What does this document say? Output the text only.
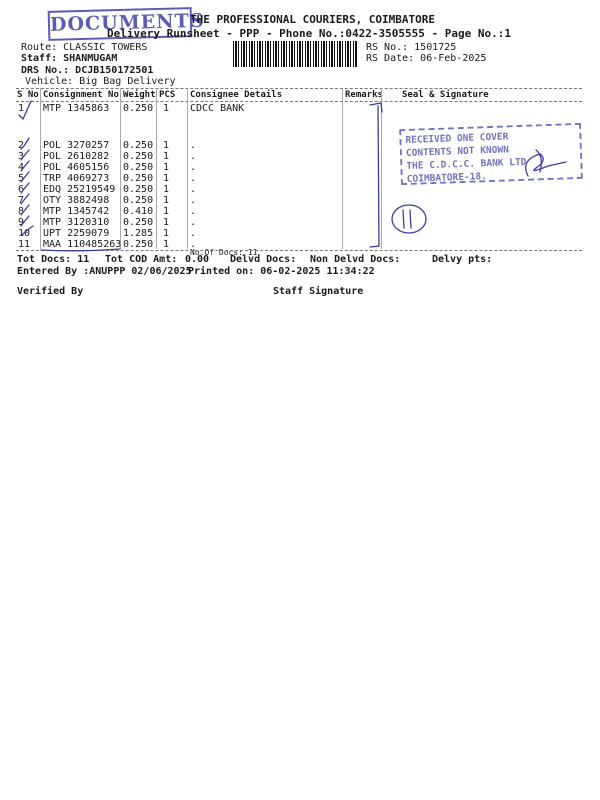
DOCUMENTS
THE PROFESSIONAL COURIERS, COIMBATORE
Delivery Runsheet - PPP - Phone No.:0422-3505555 - Page No.:1
Route: CLASSIC TOWERS
Staff: SHANMUGAM
DRS No.: DCJB150172501
Vehicle: Big Bag Delivery
RS No.: 1501725
RS Date: 06-Feb-2025
S No Consignment No Weight PCS Consignee Details	Remarks Seal & Signature
1 MTP 1345863 0.250 1 CDCC BANK
2 POL 3270257 0.250 1 .
3 POL 2610282 0.250 1 .
4 POL 4605156 0.250 1 .
5 TRP 4069273 0.250 1 .
6 EDQ 25219549 0.250 1 .
7 OTY 3882498 0.250 1 .
8 MTP 1345742 0.410 1 .
9 MTP 3120310 0.250 1 .
10 UPT 2259079 1.285 1 .
11 MAA 110485263 0.250 1 .

No.Of Docs: 11
RECEIVED ONE COVER
CONTENTS NOT KNOWN
THE C.D.C.C. BANK LTD
COIMBATORE-18.
Tot Docs: 11 Tot COD Amt: 0.00 Delvd Docs: Non Delvd Docs:	Delvy pts:
Entered By :ANUPPP 02/06/2025
Printed on: 06-02-2025 11:34:22
Verified By	Staff Signature
